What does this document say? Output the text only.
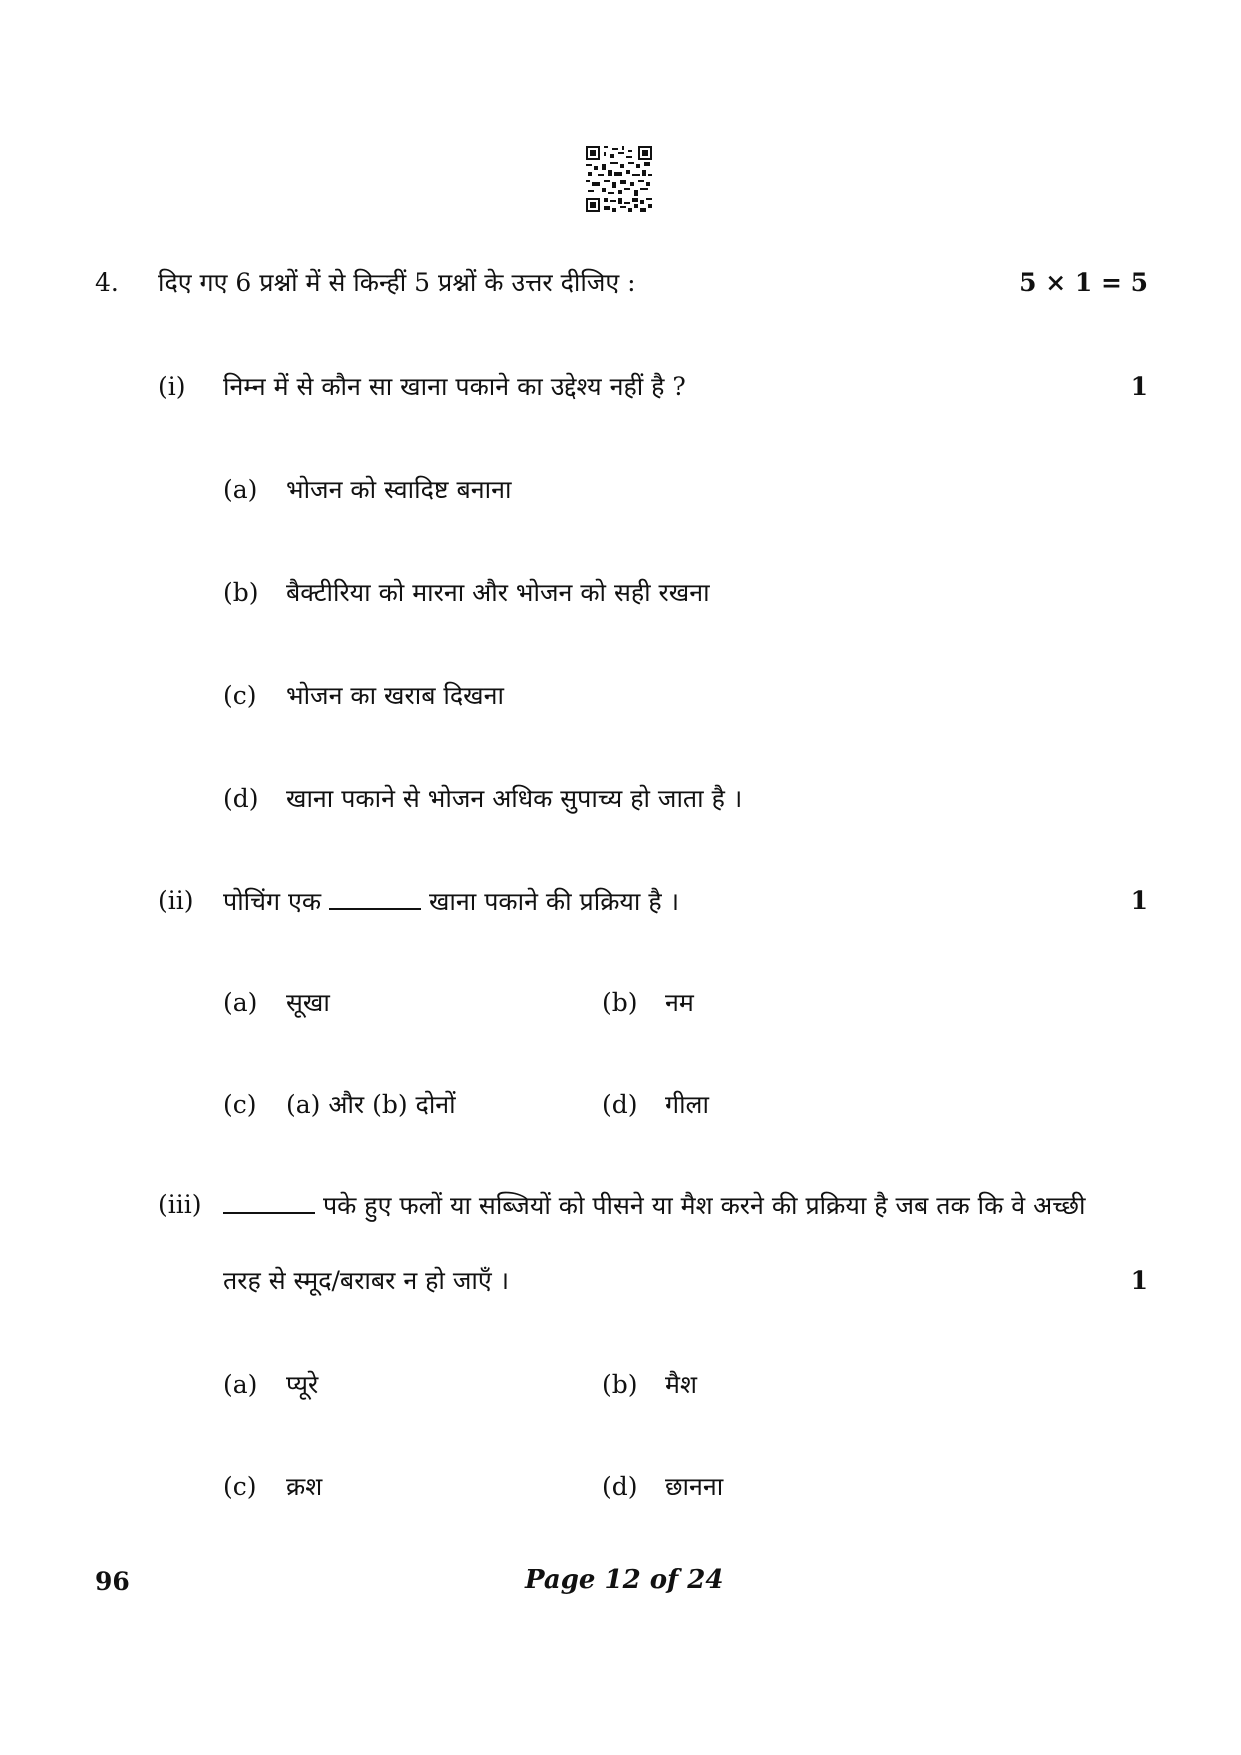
4. दिए गए 6 प्रश्नों में से किन्हीं 5 प्रश्नों के उत्तर दीजिए :	5 × 1 = 5
(i) निम्न में से कौन सा खाना पकाने का उद्देश्य नहीं है ?	1
(a) भोजन को स्वादिष्ट बनाना
(b) बैक्टीरिया को मारना और भोजन को सही रखना
(c) भोजन का खराब दिखना
(d) खाना पकाने से भोजन अधिक सुपाच्य हो जाता है ।
(ii) पोचिंग एक	खाना पकाने की प्रक्रिया है ।	1
(a) सूखा	(b) नम
(c) (a) और (b) दोनों	(d) गीला
(iii)	पके हुए फलों या सब्जियों को पीसने या मैश करने की प्रक्रिया है जब तक कि वे अच्छी
तरह से स्मूद/बराबर न हो जाएँ ।	1
(a) प्यूरे	(b) मैश
(c) क्रश	(d) छानना
96	Page 12 of 24
